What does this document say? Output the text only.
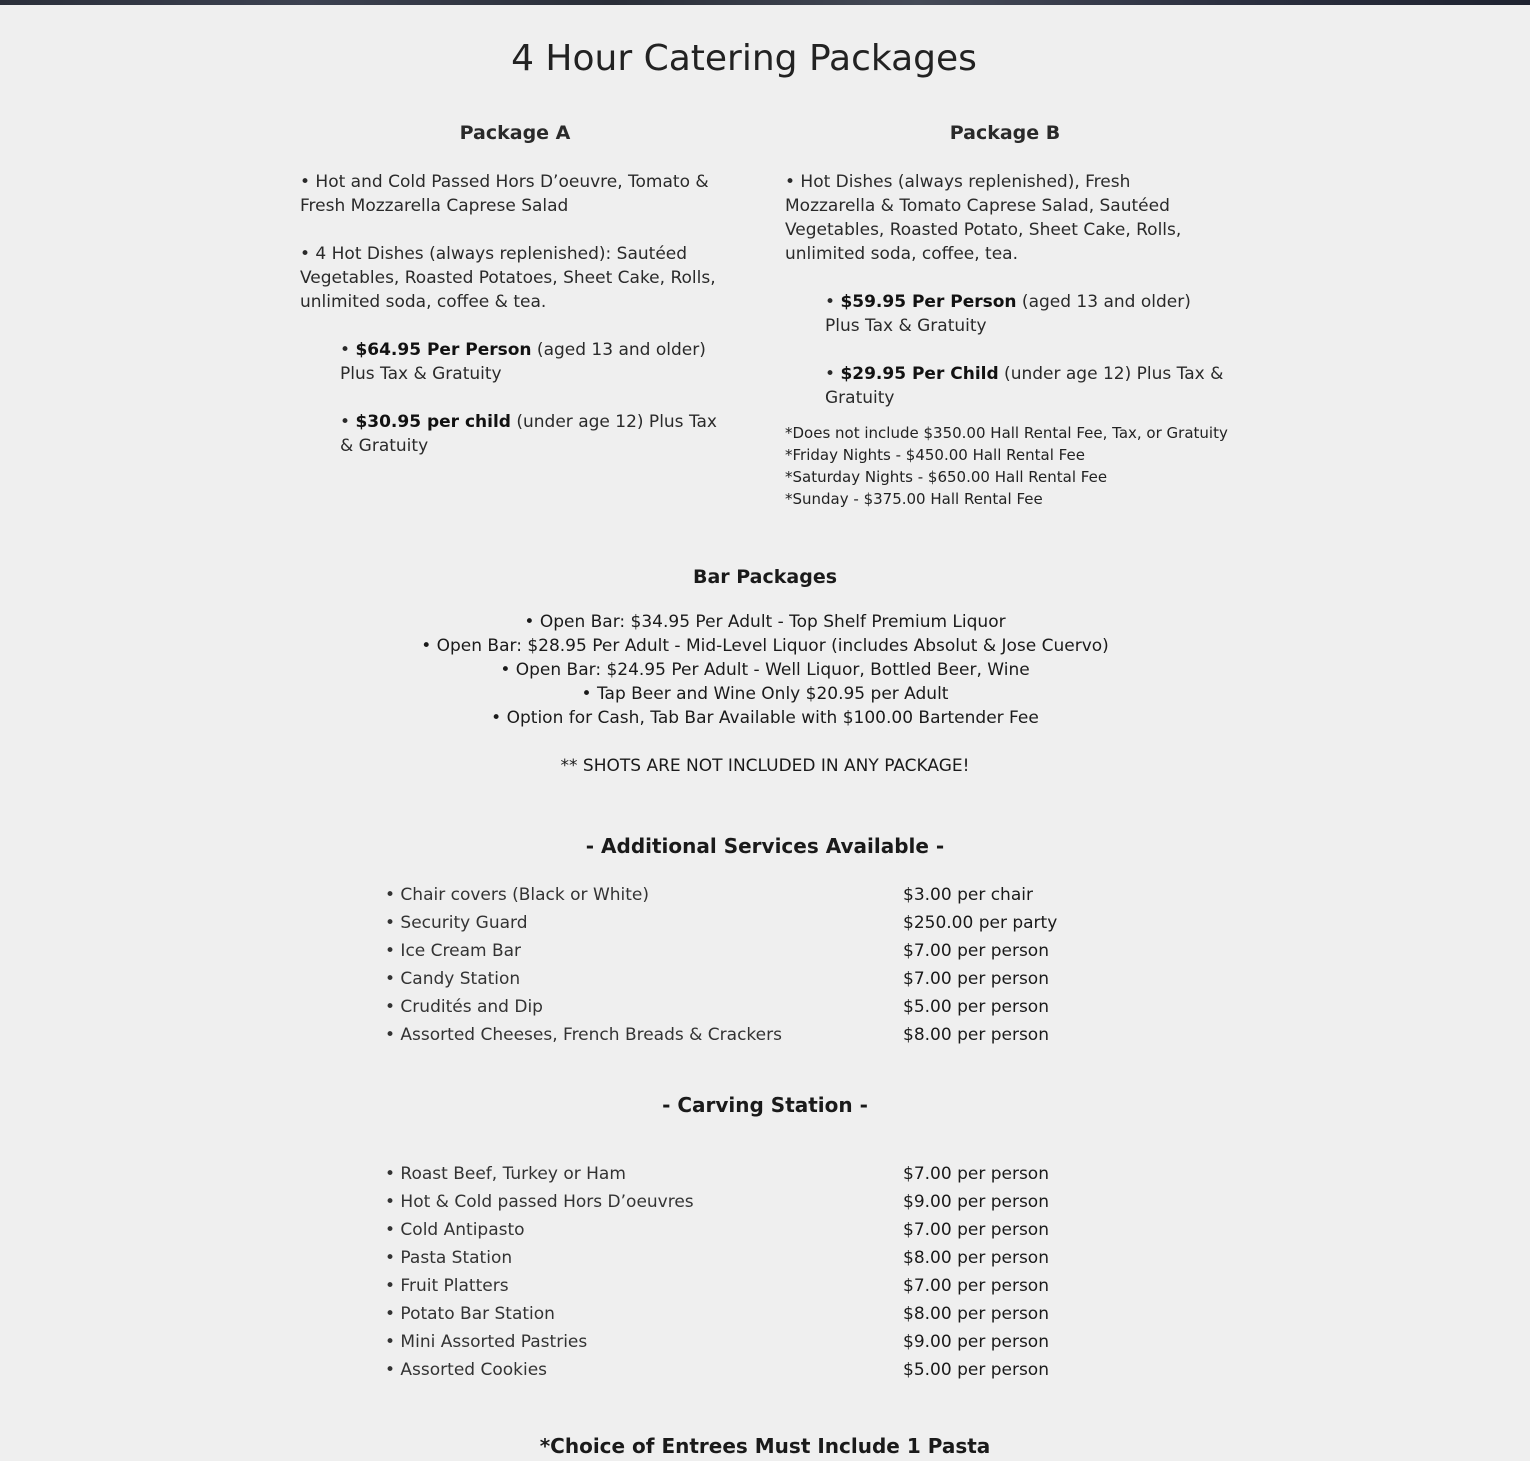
4 Hour Catering Packages
Package A

• Hot and Cold Passed Hors D’oeuvre, Tomato & Fresh Mozzarella Caprese Salad

• 4 Hot Dishes (always replenished): Sautéed Vegetables, Roasted Potatoes, Sheet Cake, Rolls, unlimited soda, coffee & tea.

• $64.95 Per Person (aged 13 and older) Plus Tax & Gratuity

• $30.95 per child (under age 12) Plus Tax & Gratuity

Package B

• Hot Dishes (always replenished), Fresh Mozzarella & Tomato Caprese Salad, Sautéed Vegetables, Roasted Potato, Sheet Cake, Rolls, unlimited soda, coffee, tea.

• $59.95 Per Person (aged 13 and older) Plus Tax & Gratuity

• $29.95 Per Child (under age 12) Plus Tax & Gratuity

*Does not include $350.00 Hall Rental Fee, Tax, or Gratuity
*Friday Nights - $450.00 Hall Rental Fee
*Saturday Nights - $650.00 Hall Rental Fee
*Sunday - $375.00 Hall Rental Fee
Bar Packages
• Open Bar: $34.95 Per Adult - Top Shelf Premium Liquor
• Open Bar: $28.95 Per Adult - Mid-Level Liquor (includes Absolut & Jose Cuervo)
• Open Bar: $24.95 Per Adult - Well Liquor, Bottled Beer, Wine
• Tap Beer and Wine Only $20.95 per Adult
• Option for Cash, Tab Bar Available with $100.00 Bartender Fee
** SHOTS ARE NOT INCLUDED IN ANY PACKAGE!
- Additional Services Available -
• Chair covers (Black or White)	$3.00 per chair
• Security Guard	$250.00 per party
• Ice Cream Bar	$7.00 per person
• Candy Station	$7.00 per person
• Crudités and Dip	$5.00 per person
• Assorted Cheeses, French Breads & Crackers	$8.00 per person
- Carving Station -
• Roast Beef, Turkey or Ham	$7.00 per person
• Hot & Cold passed Hors D’oeuvres	$9.00 per person
• Cold Antipasto	$7.00 per person
• Pasta Station	$8.00 per person
• Fruit Platters	$7.00 per person
• Potato Bar Station	$8.00 per person
• Mini Assorted Pastries	$9.00 per person
• Assorted Cookies	$5.00 per person
*Choice of Entrees Must Include 1 Pasta
